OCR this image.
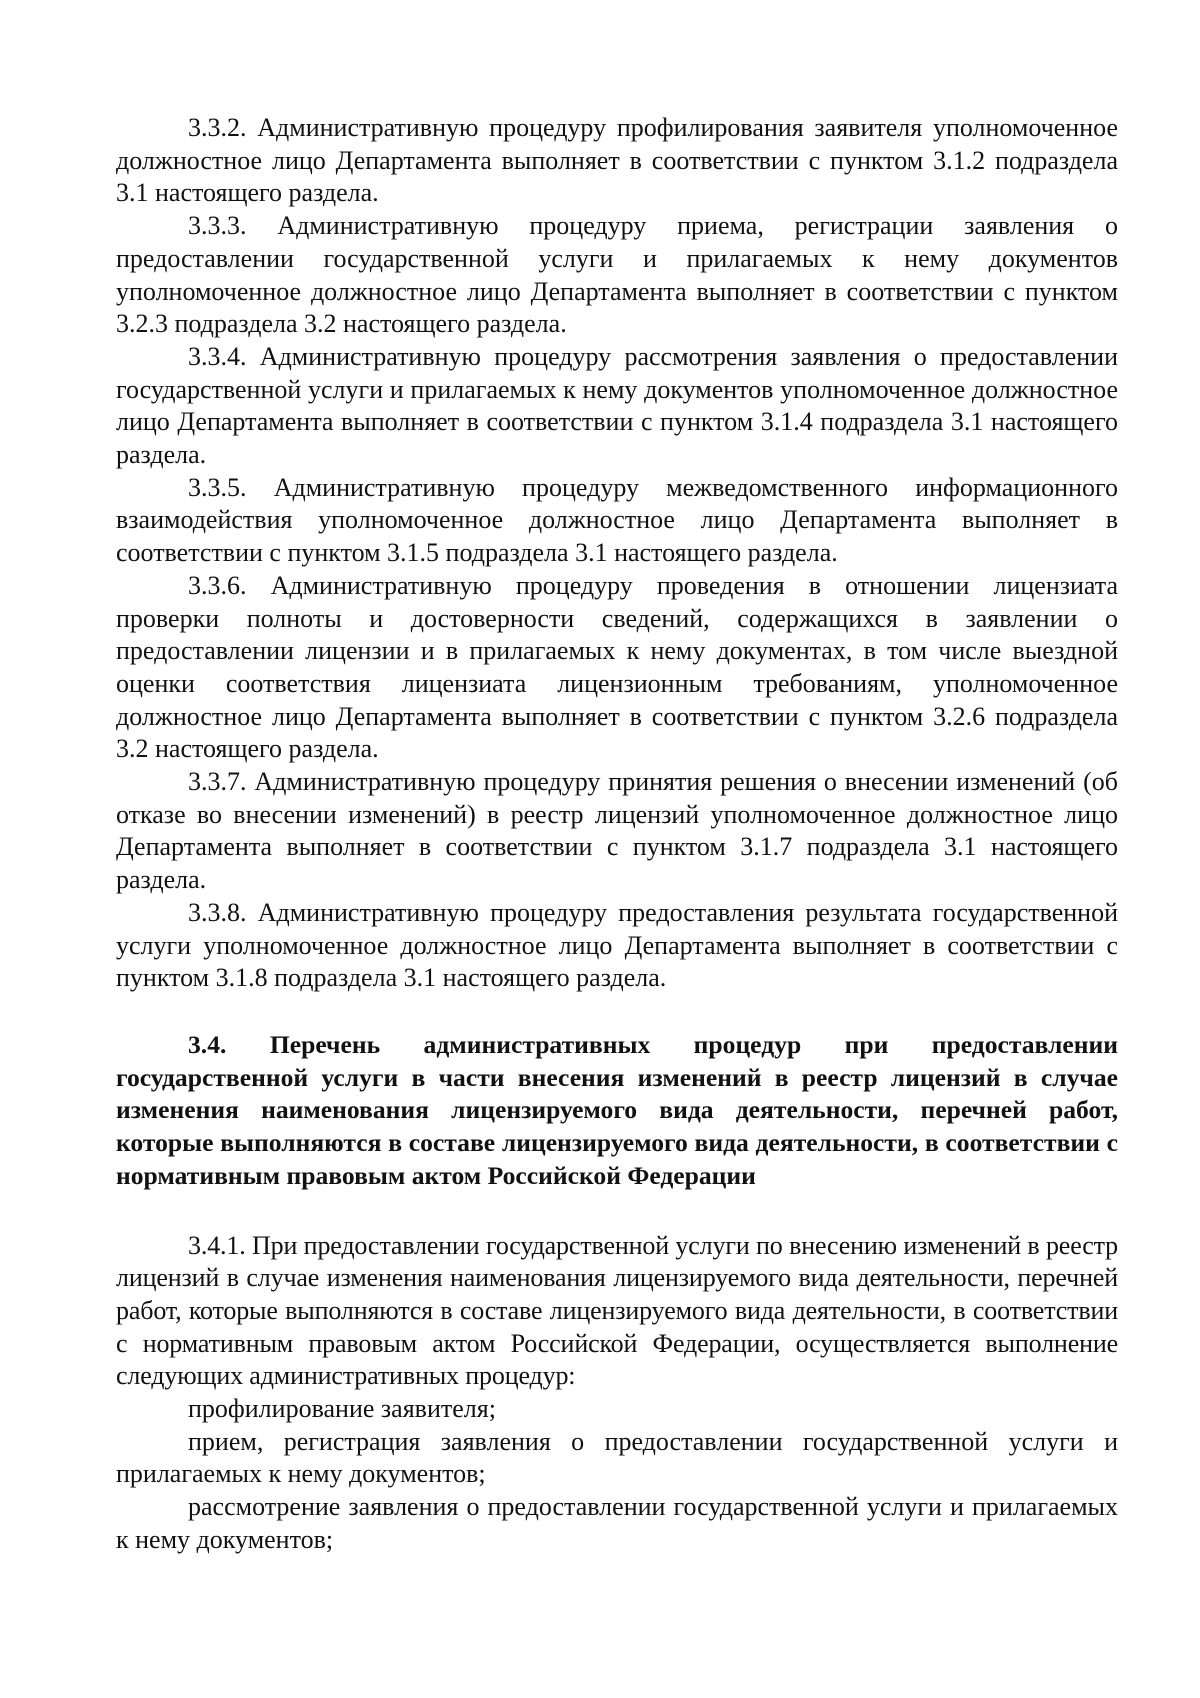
3.3.2. Административную процедуру профилирования заявителя уполномоченное должностное лицо Департамента выполняет в соответствии с пунктом 3.1.2 подраздела 3.1 настоящего раздела.

3.3.3. Административную процедуру приема, регистрации заявления о предоставлении государственной услуги и прилагаемых к нему документов уполномоченное должностное лицо Департамента выполняет в соответствии с пунктом 3.2.3 подраздела 3.2 настоящего раздела.

3.3.4. Административную процедуру рассмотрения заявления о предоставлении государственной услуги и прилагаемых к нему документов уполномоченное должностное лицо Департамента выполняет в соответствии с пунктом 3.1.4 подраздела 3.1 настоящего раздела.

3.3.5. Административную процедуру межведомственного информационного взаимодействия уполномоченное должностное лицо Департамента выполняет в соответствии с пунктом 3.1.5 подраздела 3.1 настоящего раздела.

3.3.6. Административную процедуру проведения в отношении лицензиата проверки полноты и достоверности сведений, содержащихся в заявлении о предоставлении лицензии и в прилагаемых к нему документах, в том числе выездной оценки соответствия лицензиата лицензионным требованиям, уполномоченное должностное лицо Департамента выполняет в соответствии с пунктом 3.2.6 подраздела 3.2 настоящего раздела.

3.3.7. Административную процедуру принятия решения о внесении изменений (об отказе во внесении изменений) в реестр лицензий уполномоченное должностное лицо Департамента выполняет в соответствии с пунктом 3.1.7 подраздела 3.1 настоящего раздела.

3.3.8. Административную процедуру предоставления результата государственной услуги уполномоченное должностное лицо Департамента выполняет в соответствии с пунктом 3.1.8 подраздела 3.1 настоящего раздела.

3.4. Перечень административных процедур при предоставлении государственной услуги в части внесения изменений в реестр лицензий в случае изменения наименования лицензируемого вида деятельности, перечней работ, которые выполняются в составе лицензируемого вида деятельности, в соответствии с нормативным правовым актом Российской Федерации

3.4.1. При предоставлении государственной услуги по внесению изменений в реестр лицензий в случае изменения наименования лицензируемого вида деятельности, перечней работ, которые выполняются в составе лицензируемого вида деятельности, в соответствии с нормативным правовым актом Российской Федерации, осуществляется выполнение следующих административных процедур:

профилирование заявителя;

прием, регистрация заявления о предоставлении государственной услуги и прилагаемых к нему документов;

рассмотрение заявления о предоставлении государственной услуги и прилагаемых к нему документов;
